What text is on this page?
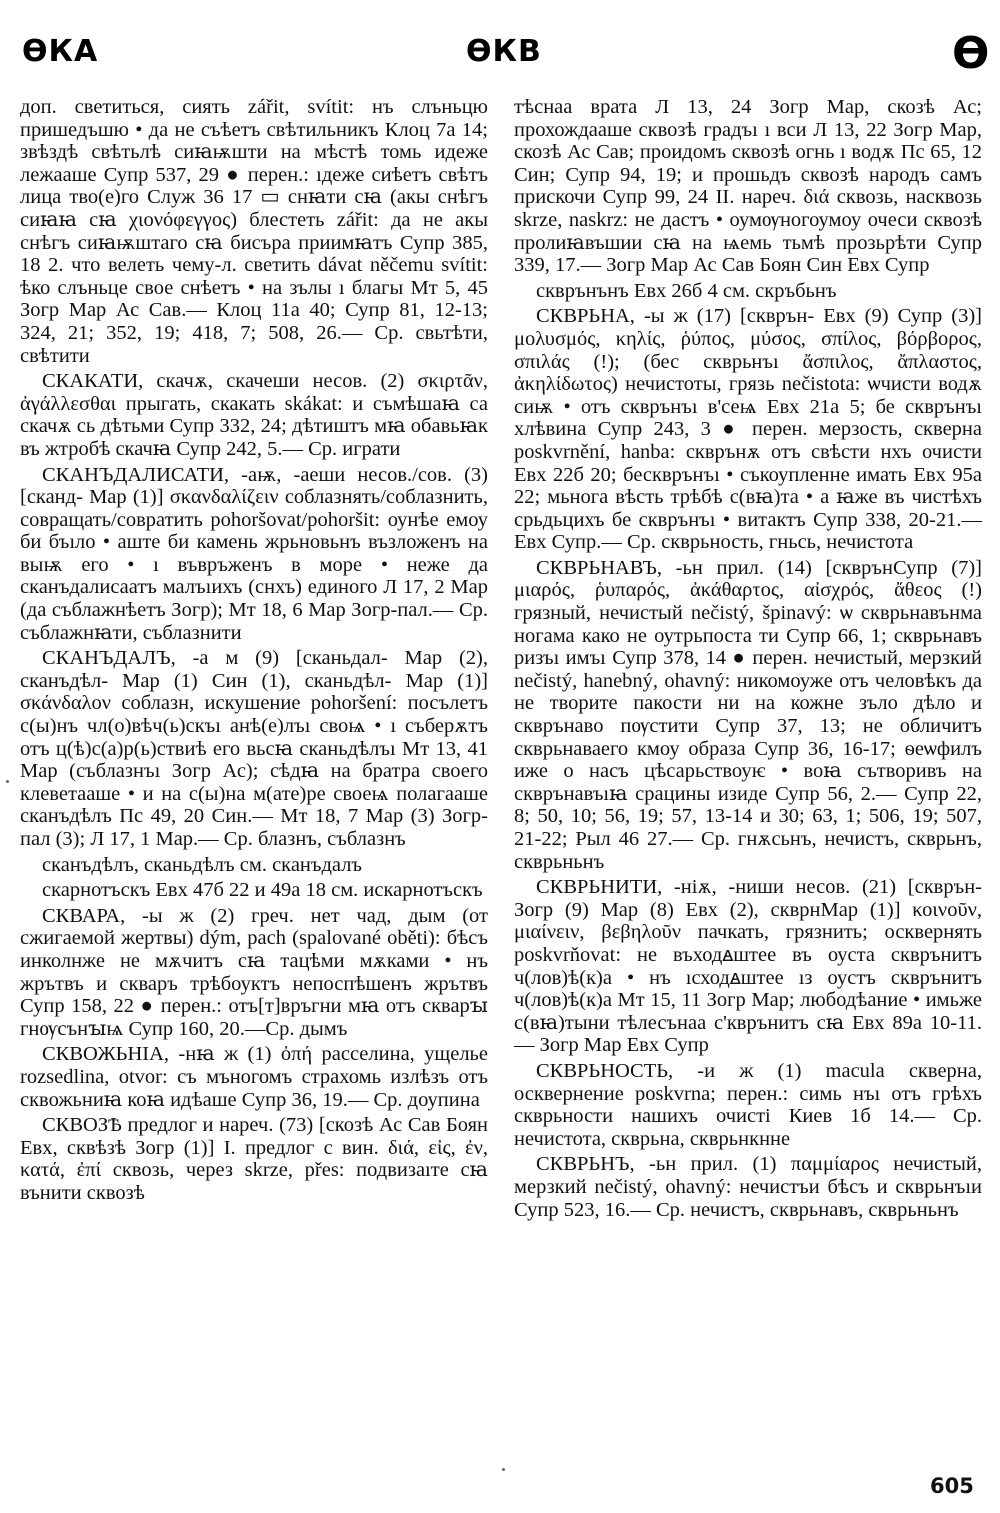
ѲКА	ѲКВ	Ѳ

доп. светиться, сиять zářit, svítit: нъ слъньцю пришедъшю • да не съѣетъ свѣтильникъ Клоц 7а 14; звѣздѣ свѣтьлѣ сиꙗѭшти на мѣстѣ томь идеже лежааше Супр 537, 29 ● перен.: ıдеже сиѣетъ свѣтъ лица тво(е)го Служ 36 17 ▭ снꙗти сꙗ (акы снѣгъ сиꙗꙗ сꙗ χιονόφεγγος) блестеть zářit: да не акы снѣгъ сиꙗѭштаго сꙗ бисъра приимꙗтъ Супр 385, 18 2. что велеть чему-л. светить dávat něčemu svítit: ѣко слъньце свое снѣетъ • на зълы ı благы Мт 5, 45 Зогр Мар Ас Сав.— Клоц 11а 40; Супр 81, 12-13; 324, 21; 352, 19; 418, 7; 508, 26.— Ср. свьтѣти, свѣтити

СКАКАТИ, скачѫ, скачеши несов. (2) σκιρτᾶν, ἀγάλλεσθαι прыгать, скакать skákat: и съмѣшаꙗ са скачѫ сь дѣтьми Супр 332, 24; дѣтиштъ мꙗ обавьꙗк въ жтробѣ скачꙗ Супр 242, 5.— Ср. играти

СКАНЪДАЛИСАТИ, -аѭ, -аеши несов./сов. (3) [сканд- Мар (1)] σκανδαλίζειν соблазнять/соблазнить, совращать/совратить pohoršovat/pohoršit: оунѣе емоу би бъıло • аште би камень жрьновьнъ възложенъ на выѭ его • ı въвръженъ в море • неже да сканъдалисаатъ малъıихъ (снхъ) единого Л 17, 2 Мар (да съблажнѣетъ Зогр); Мт 18, 6 Мар Зогр-пал.— Ср. съблажнꙗти, съблазнити

СКАНЪДАЛЪ, -а м (9) [сканьдал- Мар (2), сканъдѣл- Мар (1) Син (1), сканьдѣл- Мар (1)] σκάνδαλον соблазн, искушение pohoršení: посълетъ с(ы)нъ чл(о)вѣч(ь)скъı анѣ(е)лъı своѩ • ı съберѫтъ отъ ц(ѣ)с(а)р(ь)ствиѣ его вьсꙗ сканьдѣлъı Мт 13, 41 Мар (съблазнъı Зогр Ас); сѣдꙗ на братра своего клеветааше • и на с(ы)на м(ате)ре своеѩ полагааше сканъдѣлъ Пс 49, 20 Син.— Мт 18, 7 Мар (3) Зогр-пал (3); Л 17, 1 Мар.— Ср. блазнъ, съблазнъ

сканъдѣлъ, сканьдѣлъ см. сканъдалъ

скарнотъскъ Евх 47б 22 и 49а 18 см. искарнотъскъ

СКВАРА, -ы ж (2) греч. нет чад, дым (от сжигаемой жертвы) dým, pach (spalované oběti): бѣсъ инколнже не мѫчитъ сꙗ тацѣми мѫками • нъ жрътвъ и скваръ трѣбоуктъ непоспѣшенъ жрътвъ Супр 158, 22 ● перен.: отъ[т]връгни мꙗ отъ скварꙑ гнѹсънꙑѩ Супр 160, 20.—Ср. дымъ

СКВОЖЬНІА, -нꙗ ж (1) ὀπή расселина, ущелье rozsedlina, otvor: съ мъногомъ страхомь излѣзъ отъ сквожьниꙗ коꙗ идѣаше Супр 36, 19.— Ср. доупина

СКВОЗѢ предлог и нареч. (73) [скозѣ Ас Сав Боян Евх, сквѣзѣ Зогр (1)] I. предлог с вин. διά, εἰς, ἐν, κατά, ἐπί сквозь, через skrze, přes: подвизаıте сꙗ вънити сквозѣ

тѣснаа врата Л 13, 24 Зогр Мар, скозѣ Ас; прохождааше сквозѣ градъı ı вси Л 13, 22 Зогр Мар, скозѣ Ас Сав; проидомъ сквозѣ огнь ı водѫ Пс 65, 12 Син; Супр 94, 19; и прошьдъ сквозѣ народъ самъ прискочи Супр 99, 24 II. нареч. διά сквозь, насквозь skrze, naskrz: не дастъ • оумѹногоумоу очеси сквозѣ пролиꙗвъшии сꙗ на ѩемь тьмѣ прозьрѣти Супр 339, 17.— Зогр Мар Ас Сав Боян Син Евх Супр

скврънънъ Евх 26б 4 см. скръбьнъ

СКВРЬНА, -ы ж (17) [скврън- Евх (9) Супр (3)] μολυσμός, κηλίς, ῥύπος, μύσος, σπίλος, βόρβορος, σπιλάς (!); (бес скврьнъı ἄσπιλος, ἄπλαστος, ἀκηλίδωτος) нечистоты, грязь nečistota: ѡчисти водѫ сиѭ • отъ скврънъı в'сеѩ Евх 21а 5; бе скврънъı хлѣвина Супр 243, 3 ● перен. мерзость, скверна poskvrnění, hanba: скврънѫ отъ свѣсти нхъ очисти Евх 22б 20; бескврънъı • съкоупленне имать Евх 95а 22; мьнога вѣсть трѣбѣ с(вꙗ)та • а ꙗже въ чистѣхъ срьдьцихъ бе скврънъı • витактъ Супр 338, 20-21.— Евх Супр.— Ср. скврьность, гньсь, нечистота

СКВРЬНАВЪ, -ьн прил. (14) [скврънСупр (7)] μιαρός, ῥυπαρός, ἀκάθαρτος, αἰσχρός, ἄθεος (!) грязный, нечистый nečistý, špinavý: ѡ скврьнавънма ногама како не оутрьпоста ти Супр 66, 1; скврьнавъ ризъı имъı Супр 378, 14 ● перен. нечистый, мерзкий nečistý, hanebný, ohavný: никомоуже отъ человѣкъ да не творите пакости ни на кожне зъло дѣло и скврънаво пѹстити Супр 37, 13; не обличитъ скврьнаваего кмоу образа Супр 36, 16-17; ѳеѡфилъ иже о насъ цѣсарьствоуѥ • воꙗ сътворивъ на скврънавъıꙗ срацины изиде Супр 56, 2.— Супр 22, 8; 50, 10; 56, 19; 57, 13-14 и 30; 63, 1; 506, 19; 507, 21-22; Рыл 46 27.— Ср. гнѫсьнъ, нечистъ, скврьнъ, скврьньнъ

СКВРЬНИТИ, -ніѫ, -ниши несов. (21) [скврън- Зогр (9) Мар (8) Евх (2), скврнМар (1)] κοινοῦν, μιαίνειν, βεβηλοῦν пачкать, грязнить; осквернять poskvrňovat: не въходꙙштее въ оуста скврънитъ ч(лов)ѣ(к)а • нъ ıсходꙙштее ıз оустъ скврънитъ ч(лов)ѣ(к)а Мт 15, 11 Зогр Мар; любодѣаниe • имьже с(вꙗ)тыни тѣлесънаа с'кврънитъ сꙗ Евх 89а 10-11.— Зогр Мар Евх Супр

СКВРЬНОСТЬ, -и ж (1) macula скверна, осквернение poskvrna; перен.: симь нъı отъ грѣхъ скврьности нашихъ очисті Киев 1б 14.— Ср. нечистота, скврьна, скврьнкнне

СКВРЬНЪ, -ьн прил. (1) παμμίαρος нечистый, мерзкий nečistý, ohavný: нечистъи бѣсъ и скврьнъıи Супр 523, 16.— Ср. нечистъ, скврьнавъ, скврьньнъ

605
